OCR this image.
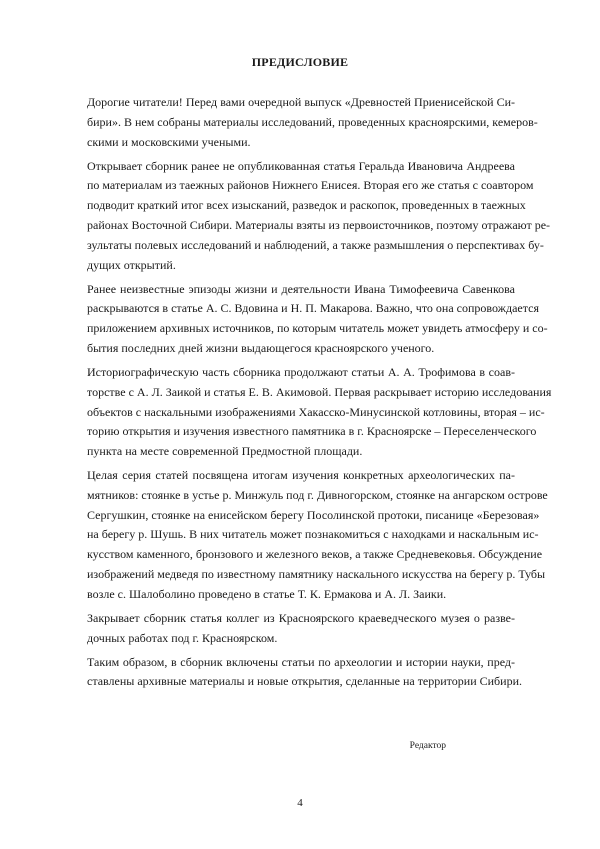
ПРЕДИСЛОВИЕ
Дорогие читатели! Перед вами очередной выпуск «Древностей Приенисейской Си-
бири». В нем собраны материалы исследований, проведенных красноярскими, кемеров-
скими и московскими учеными.
Открывает сборник ранее не опубликованная статья Геральда Ивановича Андреева
по материалам из таежных районов Нижнего Енисея. Вторая его же статья с соавтором
подводит краткий итог всех изысканий, разведок и раскопок, проведенных в таежных
районах Восточной Сибири. Материалы взяты из первоисточников, поэтому отражают ре-
зультаты полевых исследований и наблюдений, а также размышления о перспективах бу-
дущих открытий.
Ранее неизвестные эпизоды жизни и деятельности Ивана Тимофеевича Савенкова
раскрываются в статье А. С. Вдовина и Н. П. Макарова. Важно, что она сопровождается
приложением архивных источников, по которым читатель может увидеть атмосферу и со-
бытия последних дней жизни выдающегося красноярского ученого.
Историографическую часть сборника продолжают статьи А. А. Трофимова в соав-
торстве с А. Л. Заикой и статья Е. В. Акимовой. Первая раскрывает историю исследования
объектов с наскальными изображениями Хакасско-Минусинской котловины, вторая – ис-
торию открытия и изучения известного памятника в г. Красноярске – Переселенческого
пункта на месте современной Предмостной площади.
Целая серия статей посвящена итогам изучения конкретных археологических па-
мятников: стоянке в устье р. Минжуль под г. Дивногорском, стоянке на ангарском острове
Сергушкин, стоянке на енисейском берегу Посолинской протоки, писанице «Березовая»
на берегу р. Шушь. В них читатель может познакомиться с находками и наскальным ис-
кусством каменного, бронзового и железного веков, а также Средневековья. Обсуждение
изображений медведя по известному памятнику наскального искусства на берегу р. Тубы
возле с. Шалоболино проведено в статье Т. К. Ермакова и А. Л. Заики.
Закрывает сборник статья коллег из Красноярского краеведческого музея о разве-
дочных работах под г. Красноярском.
Таким образом, в сборник включены статьи по археологии и истории науки, пред-
ставлены архивные материалы и новые открытия, сделанные на территории Сибири.
Редактор
4
